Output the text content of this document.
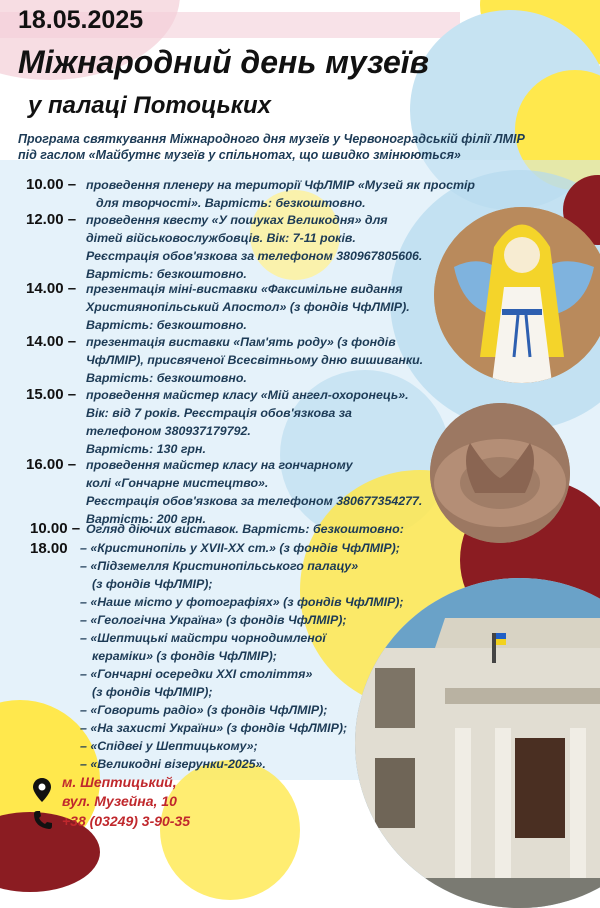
18.05.2025
Міжнародний день музеїв
у палаці Потоцьких
Програма святкування Міжнародного дня музеїв у Червоноградській філії ЛМІР
під гаслом «Майбутнє музеїв у спільнотах, що швидко змінюються»
10.00 – проведення пленеру на території ЧфЛМІР «Музей як простір
для творчості». Вартість: безкоштовно.
12.00 – проведення квесту «У пошуках Великодня» для
дітей військовослужбовців. Вік: 7-11 років.
Реєстрація обов'язкова за телефоном 380967805606.
Вартість: безкоштовно.
14.00 – презентація міні-виставки «Факсимільне видання
Християнопільський Апостол» (з фондів ЧфЛМІР).
Вартість: безкоштовно.
14.00 – презентація виставки «Пам'ять роду» (з фондів
ЧфЛМІР), присвяченої Всесвітньому дню вишиванки.
Вартість: безкоштовно.
15.00 – проведення майстер класу «Мій ангел-охоронець».
Вік: від 7 років. Реєстрація обов'язкова за
телефоном 380937179792.
Вартість: 130 грн.
16.00 – проведення майстер класу на гончарному
колі «Гончарне мистецтво».
Реєстрація обов'язкова за телефоном 380677354277.
Вартість: 200 грн.
10.00 – Огляд діючих виставок. Вартість: безкоштовно:
18.00 – «Кристинопіль у XVII-XX ст.» (з фондів ЧфЛМІР);
– «Підземелля Кристинопільського палацу»
(з фондів ЧфЛМІР);
– «Наше місто у фотографіях» (з фондів ЧфЛМІР);
– «Геологічна Україна» (з фондів ЧфЛМІР);
– «Шептицькі майстри чорнодимленої
кераміки» (з фондів ЧфЛМІР);
– «Гончарні осередки XXI століття»
(з фондів ЧфЛМІР);
– «Говорить радіо» (з фондів ЧфЛМІР);
– «На захисті України» (з фондів ЧфЛМІР);
– «Спідвеі у Шептицькому»;
– «Великодні візерунки-2025».
м. Шептицький,
вул. Музейна, 10
+38 (03249) 3-90-35
